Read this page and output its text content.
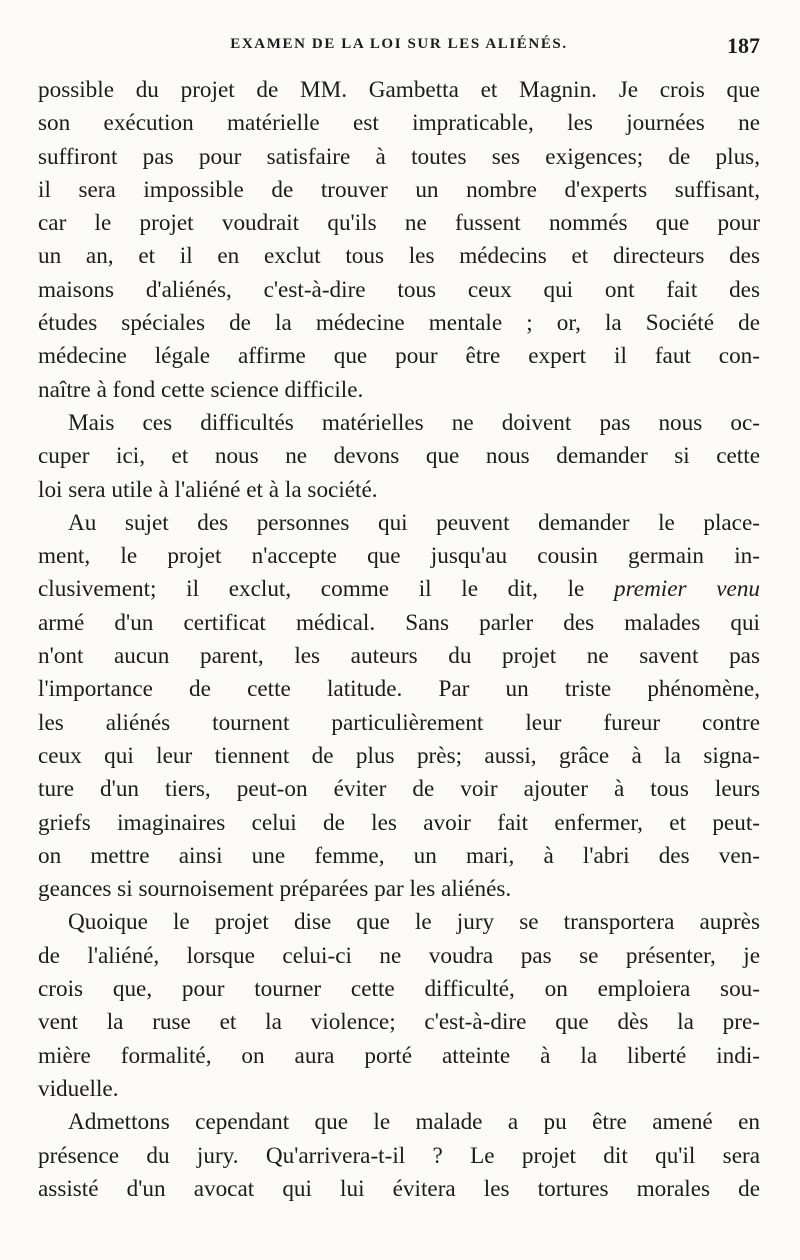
EXAMEN DE LA LOI SUR LES ALIÉNÉS.	187
possible du projet de MM. Gambetta et Magnin. Je crois que
son exécution matérielle est impraticable, les journées ne
suffiront pas pour satisfaire à toutes ses exigences; de plus,
il sera impossible de trouver un nombre d'experts suffisant,
car le projet voudrait qu'ils ne fussent nommés que pour
un an, et il en exclut tous les médecins et directeurs des
maisons d'aliénés, c'est-à-dire tous ceux qui ont fait des
études spéciales de la médecine mentale ; or, la Société de
médecine légale affirme que pour être expert il faut con-
naître à fond cette science difficile.
Mais ces difficultés matérielles ne doivent pas nous oc-
cuper ici, et nous ne devons que nous demander si cette
loi sera utile à l'aliéné et à la société.
Au sujet des personnes qui peuvent demander le place-
ment, le projet n'accepte que jusqu'au cousin germain in-
clusivement; il exclut, comme il le dit, le premier venu
armé d'un certificat médical. Sans parler des malades qui
n'ont aucun parent, les auteurs du projet ne savent pas
l'importance de cette latitude. Par un triste phénomène,
les aliénés tournent particulièrement leur fureur contre
ceux qui leur tiennent de plus près; aussi, grâce à la signa-
ture d'un tiers, peut-on éviter de voir ajouter à tous leurs
griefs imaginaires celui de les avoir fait enfermer, et peut-
on mettre ainsi une femme, un mari, à l'abri des ven-
geances si sournoisement préparées par les aliénés.
Quoique le projet dise que le jury se transportera auprès
de l'aliéné, lorsque celui-ci ne voudra pas se présenter, je
crois que, pour tourner cette difficulté, on emploiera sou-
vent la ruse et la violence; c'est-à-dire que dès la pre-
mière formalité, on aura porté atteinte à la liberté indi-
viduelle.
Admettons cependant que le malade a pu être amené en
présence du jury. Qu'arrivera-t-il ? Le projet dit qu'il sera
assisté d'un avocat qui lui évitera les tortures morales de
